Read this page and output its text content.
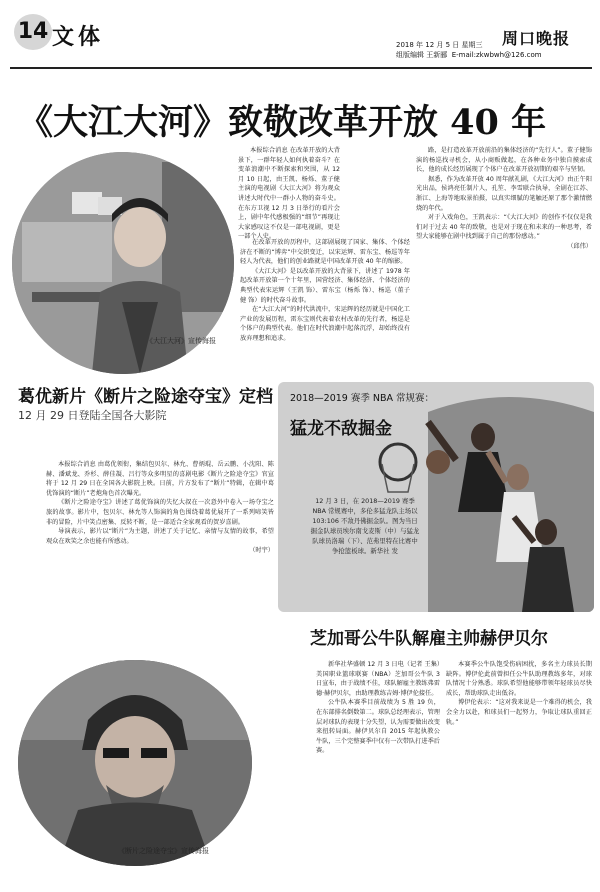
14 文体	周口晚报
2018 年 12 月 5 日 星期三
组版编辑 王新郦 E-mail:zkwbwh@126.com
《大江大河》致敬改革开放 40 年
《大江大河》宣传海报

本报综合消息 在改革开放的大背景下，一群年轻人如何执着奋斗？在变革浪潮中不断探索和突围，从 12 月 10 日起，由王凯、杨烁、董子健主演的电视剧《大江大河》将为观众讲述大时代中一群小人物的奋斗史。在东方卫视 12 月 3 日举行的看片会上，剧中年代感极强的“细节”再现让大家感叹这不仅是一部电视剧，更是一部个人史。

在改革开放的历程中，这部剧展现了国家、集体、个体经济在不断的“博弈”中交织变迁，以宋运辉、雷东宝、杨巡等年轻人为代表，他们的创业路就是中国改革开放 40 年的缩影。

《大江大河》是以改革开放的大背景下，讲述了 1978 年起改革开放第一个十年里，国营经济、集体经济、个体经济的典型代表宋运辉（王凯 饰）、雷东宝（杨烁 饰）、杨巡（董子健 饰）的时代奋斗故事。

在“大江大河”的时代洪流中，宋运辉的经历就是中国化工产业的发展历程，雷东宝则代表着农村改革的先行者，杨巡是个体户的典型代表。他们在时代浪潮中起落沉浮，却始终没有放弃理想和追求。

路，是打造改革开放前沿的集体经济的“先行人”。董子健饰演的杨巡找寻机会，从小商贩做起，在各种业务中独自摸索成长，他的成长经历展现了个体户在改革开放初期的艰辛与坚韧。

据悉，作为改革开放 40 周年献礼剧，《大江大河》由正午阳光出品，侯鸿亮任制片人，孔笙、李雪联合执导，全剧在江苏、浙江、上海等地取景拍摄，以真实细腻的笔触还原了那个激情燃烧的年代。

对于入戏角色，王凯表示：“《大江大河》的创作不仅仅是我们对于过去 40 年的致敬，也是对于现在和未来的一种思考，希望大家能够在剧中找到属于自己的那份感动。”

（邱伟）

葛优新片《断片之险途夺宝》定档
12 月 29 日登陆全国各大影院

本报综合消息 由葛优领衔，集结包贝尔、林允、曹炳琨、岳云鹏、小沈阳、陈赫、潘斌龙、乔杉、薛佳凝、吕行等众多明星的喜剧电影《断片之险途夺宝》官宣将于 12 月 29 日在全国各大影院上映。日前，片方发布了“断片”特辑，在辑中葛优饰演的“断片”老炮角色首次曝光。

《断片之险途夺宝》讲述了葛优饰演的失忆大叔在一次意外中卷入一场夺宝之旅的故事。影片中，包贝尔、林允等人饰演的角色围绕着葛优展开了一系列啼笑皆非的冒险，片中笑点密集、反转不断，是一部适合全家观看的贺岁喜剧。

导演表示，影片以“断片”为主题，讲述了关于记忆、亲情与友情的故事，希望观众在欢笑之余也能有所感动。

（时宇）

《断片之险途夺宝》宣传海报
2018—2019 赛季 NBA 常规赛：
猛龙不敌掘金
12 月 3 日，在 2018—2019 赛季 NBA 常规赛中，多伦多猛龙队主场以 103:106 不敌丹佛掘金队。图为当日掘金队球员埃尔南戈麦斯（中）与猛龙队球员洛瑞（下）、范弗里特在比赛中争抢篮板球。新华社 发
芝加哥公牛队解雇主帅赫伊贝尔

新华社华盛顿 12 月 3 日电（记者 王集）美国职业篮球联赛（NBA）芝加哥公牛队 3 日宣布，由于战绩不佳，球队解雇主教练弗雷德·赫伊贝尔，由助理教练吉姆·博伊伦接任。

公牛队本赛季目前战绩为 5 胜 19 负，在东部排名倒数第二。球队总经理表示，管理层对球队的表现十分失望，认为需要做出改变来扭转局面。赫伊贝尔自 2015 年起执教公牛队，三个完整赛季中仅有一次带队打进季后赛。

本赛季公牛队饱受伤病困扰，多名主力球员长期缺阵。博伊伦此前曾担任公牛队助理教练多年，对球队情况十分熟悉。球队希望他能够带领年轻球员尽快成长，帮助球队走出低谷。

博伊伦表示：“这对我来说是一个难得的机会，我会全力以赴，和球员们一起努力，争取让球队重回正轨。”
